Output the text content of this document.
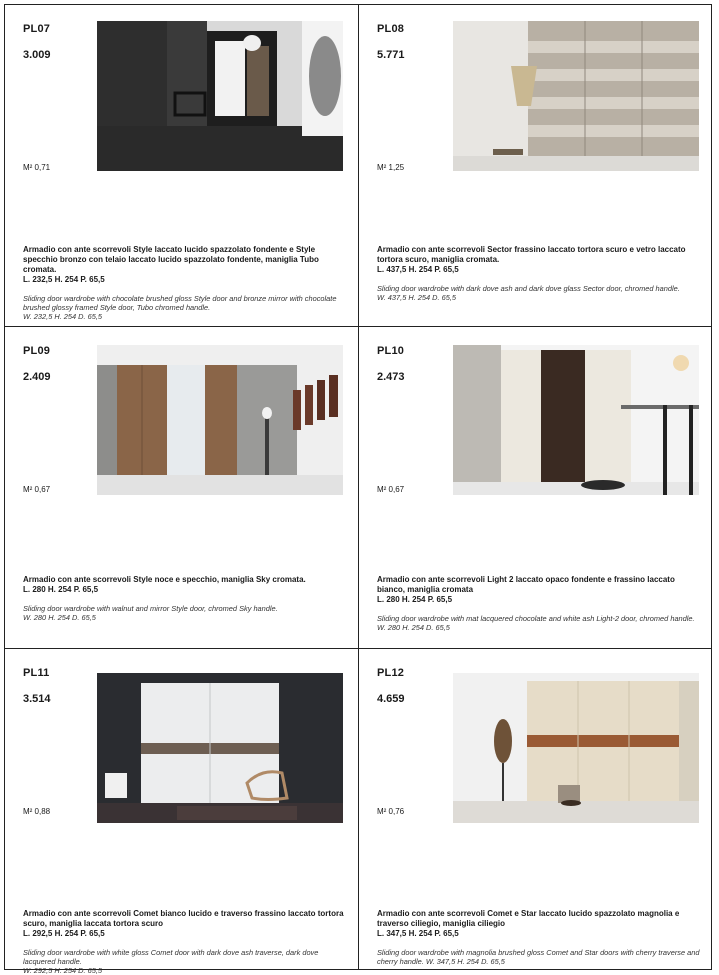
PL07
3.009
M² 0,71
Armadio con ante scorrevoli Style laccato lucido spazzolato fondente e Style specchio bronzo con telaio laccato lucido spazzolato fondente, maniglia Tubo cromata.
L. 232,5 H. 254 P. 65,5
Sliding door wardrobe with chocolate brushed gloss Style door and bronze mirror with chocolate brushed glossy framed Style door, Tubo chromed handle.
W. 232,5 H. 254 D. 65,5
PL08
5.771
M² 1,25
Armadio con ante scorrevoli Sector frassino laccato tortora scuro e vetro laccato tortora scuro, maniglia cromata.
L. 437,5 H. 254 P. 65,5
Sliding door wardrobe with dark dove ash and dark dove glass Sector door, chromed handle.
W. 437,5 H. 254 D. 65,5
PL09
2.409
M² 0,67
Armadio con ante scorrevoli Style noce e specchio, maniglia Sky cromata.
L. 280 H. 254 P. 65,5
Sliding door wardrobe with walnut and mirror Style door, chromed Sky handle.
W. 280 H. 254 D. 65,5
PL10
2.473
M² 0,67
Armadio con ante scorrevoli Light 2 laccato opaco fondente e frassino laccato bianco, maniglia cromata
L. 280 H. 254 P. 65,5
Sliding door wardrobe with mat lacquered chocolate and white ash Light-2 door, chromed handle.
W. 280 H. 254 D. 65,5
PL11
3.514
M² 0,88
Armadio con ante scorrevoli Comet bianco lucido e traverso frassino laccato tortora scuro, maniglia laccata tortora scuro
L. 292,5 H. 254 P. 65,5
Sliding door wardrobe with white gloss Comet door with dark dove ash traverse, dark dove lacquered handle.
W. 292,5 H. 254 D. 65,5
PL12
4.659
M² 0,76
Armadio con ante scorrevoli Comet e Star laccato lucido spazzolato magnolia e traverso ciliegio, maniglia ciliegio
L. 347,5 H. 254 P. 65,5
Sliding door wardrobe with magnolia brushed gloss Comet and Star doors with cherry traverse and cherry handle. W. 347,5 H. 254 D. 65,5
